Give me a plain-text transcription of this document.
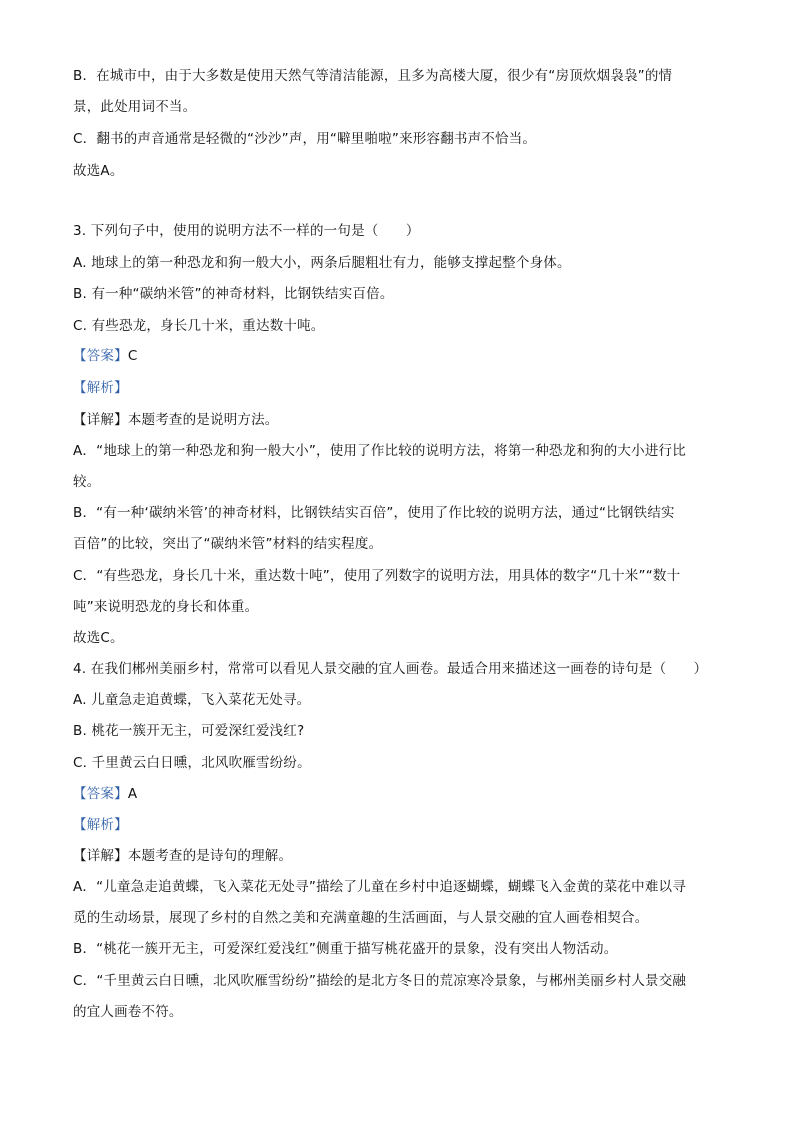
B．在城市中，由于大多数是使用天然气等清洁能源，且多为高楼大厦，很少有“房顶炊烟袅袅”的情
景，此处用词不当。
C．翻书的声音通常是轻微的“沙沙”声，用“噼里啪啦”来形容翻书声不恰当。
故选A。
3. 下列句子中，使用的说明方法不一样的一句是（　　）
A. 地球上的第一种恐龙和狗一般大小，两条后腿粗壮有力，能够支撑起整个身体。
B. 有一种“碳纳米管”的神奇材料，比钢铁结实百倍。
C. 有些恐龙，身长几十米，重达数十吨。
【答案】C
【解析】
【详解】本题考查的是说明方法。
A．“地球上的第一种恐龙和狗一般大小”，使用了作比较的说明方法，将第一种恐龙和狗的大小进行比
较。
B．“有一种‘碳纳米管’的神奇材料，比钢铁结实百倍”，使用了作比较的说明方法，通过“比钢铁结实
百倍”的比较，突出了“碳纳米管”材料的结实程度。
C．“有些恐龙，身长几十米，重达数十吨”，使用了列数字的说明方法，用具体的数字“几十米”“数十
吨”来说明恐龙的身长和体重。
故选C。
4. 在我们郴州美丽乡村，常常可以看见人景交融的宜人画卷。最适合用来描述这一画卷的诗句是（　　）
A. 儿童急走追黄蝶，飞入菜花无处寻。
B. 桃花一簇开无主，可爱深红爱浅红?
C. 千里黄云白日曛，北风吹雁雪纷纷。
【答案】A
【解析】
【详解】本题考查的是诗句的理解。
A．“儿童急走追黄蝶，飞入菜花无处寻”描绘了儿童在乡村中追逐蝴蝶，蝴蝶飞入金黄的菜花中难以寻
觅的生动场景，展现了乡村的自然之美和充满童趣的生活画面，与人景交融的宜人画卷相契合。
B．“桃花一簇开无主，可爱深红爱浅红”侧重于描写桃花盛开的景象，没有突出人物活动。
C．“千里黄云白日曛，北风吹雁雪纷纷”描绘的是北方冬日的荒凉寒冷景象，与郴州美丽乡村人景交融
的宜人画卷不符。
